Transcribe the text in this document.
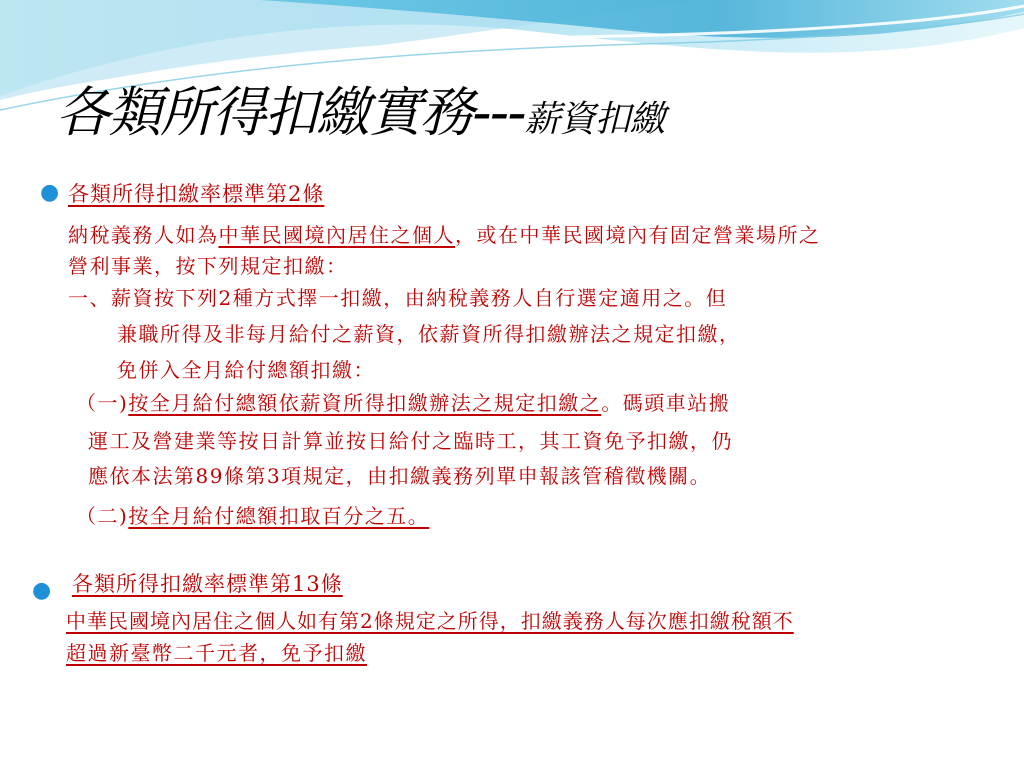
各類所得扣繳實務---薪資扣繳
● 各類所得扣繳率標準第2條
納稅義務人如為中華民國境內居住之個人，或在中華民國境內有固定營業場所之
營利事業，按下列規定扣繳：
一、薪資按下列2種方式擇一扣繳，由納稅義務人自行選定適用之。但
兼職所得及非每月給付之薪資，依薪資所得扣繳辦法之規定扣繳，
免併入全月給付總額扣繳：
（一)按全月給付總額依薪資所得扣繳辦法之規定扣繳之。碼頭車站搬
運工及營建業等按日計算並按日給付之臨時工，其工資免予扣繳，仍
應依本法第89條第3項規定，由扣繳義務列單申報該管稽徵機關。
（二)按全月給付總額扣取百分之五。
● 各類所得扣繳率標準第13條
中華民國境內居住之個人如有第2條規定之所得，扣繳義務人每次應扣繳稅額不
超過新臺幣二千元者，免予扣繳
